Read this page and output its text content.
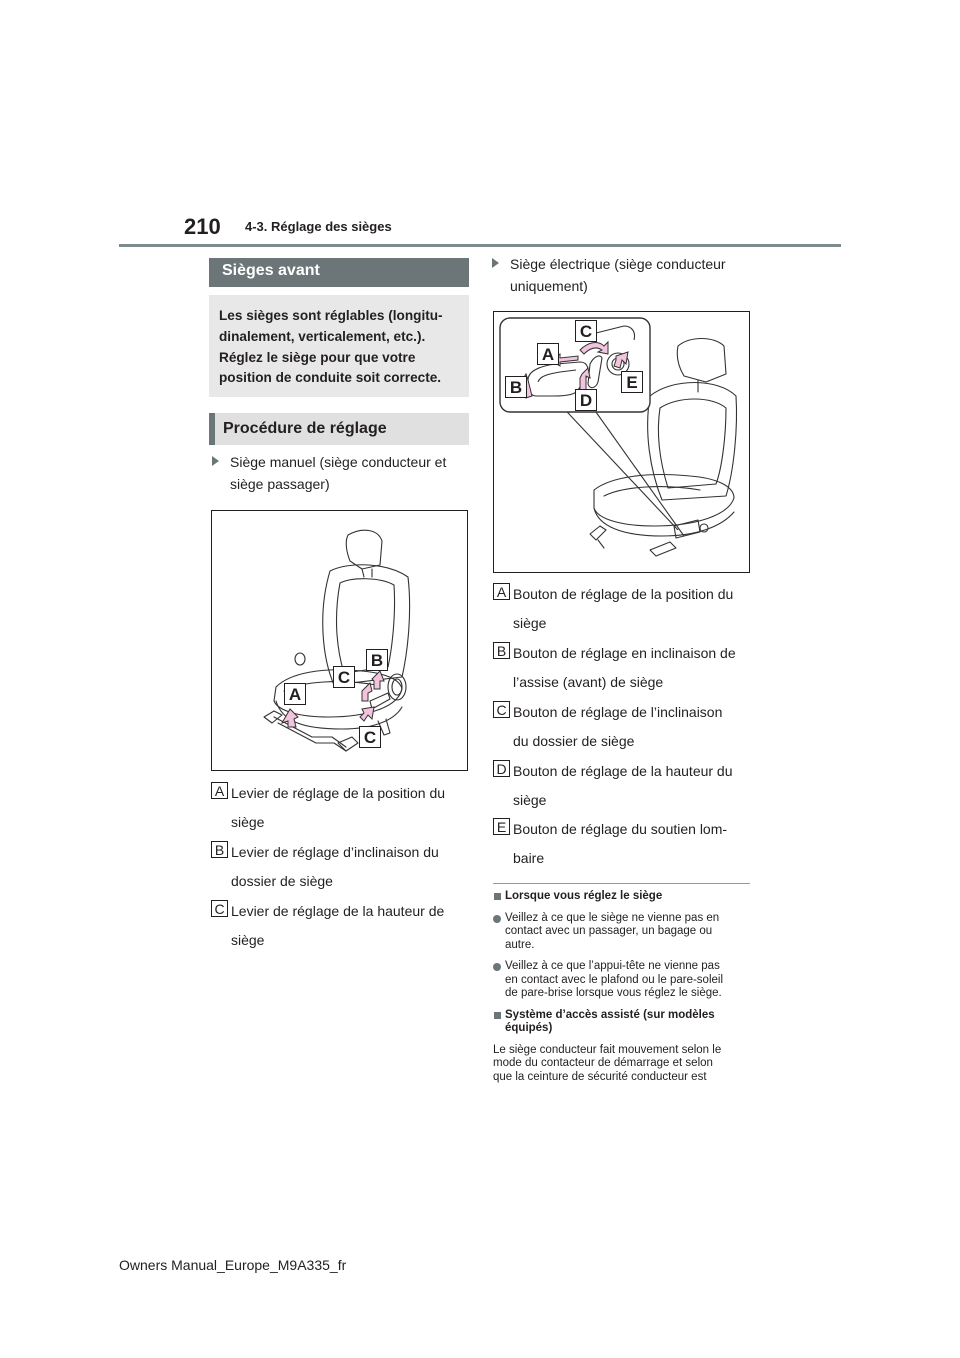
210 4-3. Réglage des sièges
Sièges avant
Les sièges sont réglables (longitu-
dinalement, verticalement, etc.).
Réglez le siège pour que votre
position de conduite soit correcte.
Procédure de réglage
Siège manuel (siège conducteur et
siège passager)
B
C
A
C
A Levier de réglage de la position du
siège
B Levier de réglage d’inclinaison du
dossier de siège
C Levier de réglage de la hauteur de
siège
Siège électrique (siège conducteur
uniquement)
C
A
E
B
D
A Bouton de réglage de la position du
siège
B Bouton de réglage en inclinaison de
l’assise (avant) de siège
C Bouton de réglage de l’inclinaison
du dossier de siège
D Bouton de réglage de la hauteur du
siège
E Bouton de réglage du soutien lom-
baire
Lorsque vous réglez le siège
Veillez à ce que le siège ne vienne pas en
contact avec un passager, un bagage ou
autre.
Veillez à ce que l’appui-tête ne vienne pas
en contact avec le plafond ou le pare-soleil
de pare-brise lorsque vous réglez le siège.
Système d’accès assisté (sur modèles
équipés)
Le siège conducteur fait mouvement selon le
mode du contacteur de démarrage et selon
que la ceinture de sécurité conducteur est
Owners Manual_Europe_M9A335_fr
